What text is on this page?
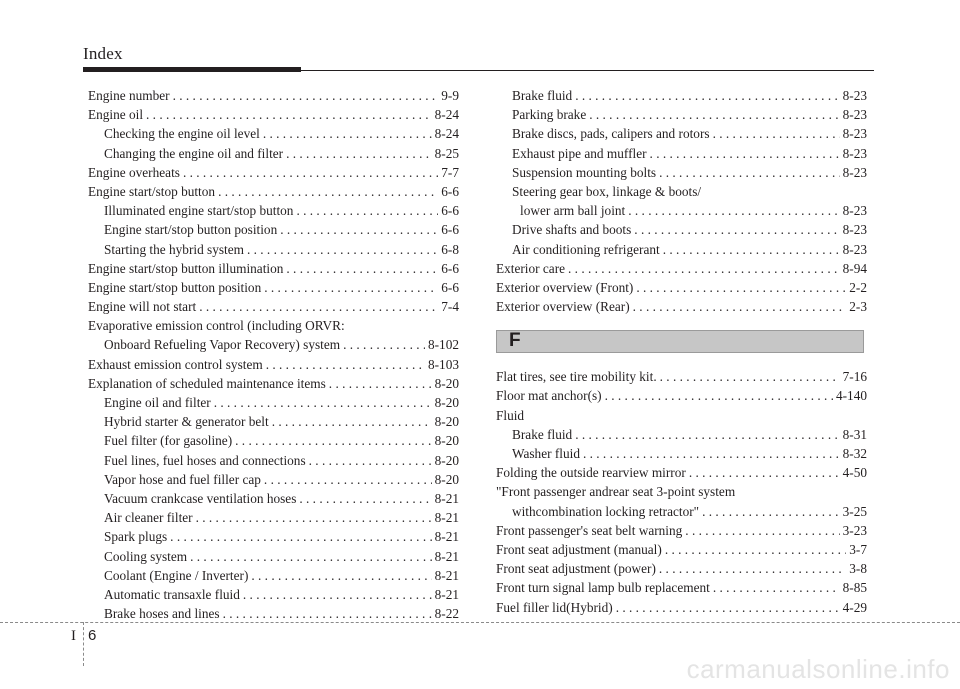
Index
Engine number . . .	9-9
Engine oil . . .	8-24
Checking the engine oil level . . .	8-24
Changing the engine oil and filter . . .	8-25
Engine overheats . . .	7-7
Engine start/stop button . . .	6-6
Illuminated engine start/stop button . . .	6-6
Engine start/stop button position . . .	6-6
Starting the hybrid system . . .	6-8
Engine start/stop button illumination . . .	6-6
Engine start/stop button position . . .	6-6
Engine will not start . . .	7-4
Evaporative emission control (including ORVR:
Onboard Refueling Vapor Recovery) system . . .	8-102
Exhaust emission control system . . .	8-103
Explanation of scheduled maintenance items . . .	8-20
Engine oil and filter . . .	8-20
Hybrid starter & generator belt . . .	8-20
Fuel filter (for gasoline) . . .	8-20
Fuel lines, fuel hoses and connections . . .	8-20
Vapor hose and fuel filler cap . . .	8-20
Vacuum crankcase ventilation hoses . . .	8-21
Air cleaner filter . . .	8-21
Spark plugs . . .	8-21
Cooling system . . .	8-21
Coolant (Engine / Inverter) . . .	8-21
Automatic transaxle fluid . . .	8-21
Brake hoses and lines . . .	8-22
Brake fluid . . .	8-23
Parking brake . . .	8-23
Brake discs, pads, calipers and rotors . . .	8-23
Exhaust pipe and muffler . . .	8-23
Suspension mounting bolts . . .	8-23
Steering gear box, linkage & boots/
lower arm ball joint . . .	8-23
Drive shafts and boots . . .	8-23
Air conditioning refrigerant . . .	8-23
Exterior care . . .	8-94
Exterior overview (Front) . . .	2-2
Exterior overview (Rear) . . .	2-3
F
Flat tires, see tire mobility kit. . . .	7-16
Floor mat anchor(s) . . .	4-140
Fluid
Brake fluid . . .	8-31
Washer fluid . . .	8-32
Folding the outside rearview mirror . . .	4-50
"Front passenger andrear seat 3-point system
withcombination locking retractor" . . .	3-25
Front passenger's seat belt warning . . .	3-23
Front seat adjustment (manual) . . .	3-7
Front seat adjustment (power) . . .	3-8
Front turn signal lamp bulb replacement . . .	8-85
Fuel filler lid(Hybrid) . . .	4-29
I 6
carmanualsonline.info
